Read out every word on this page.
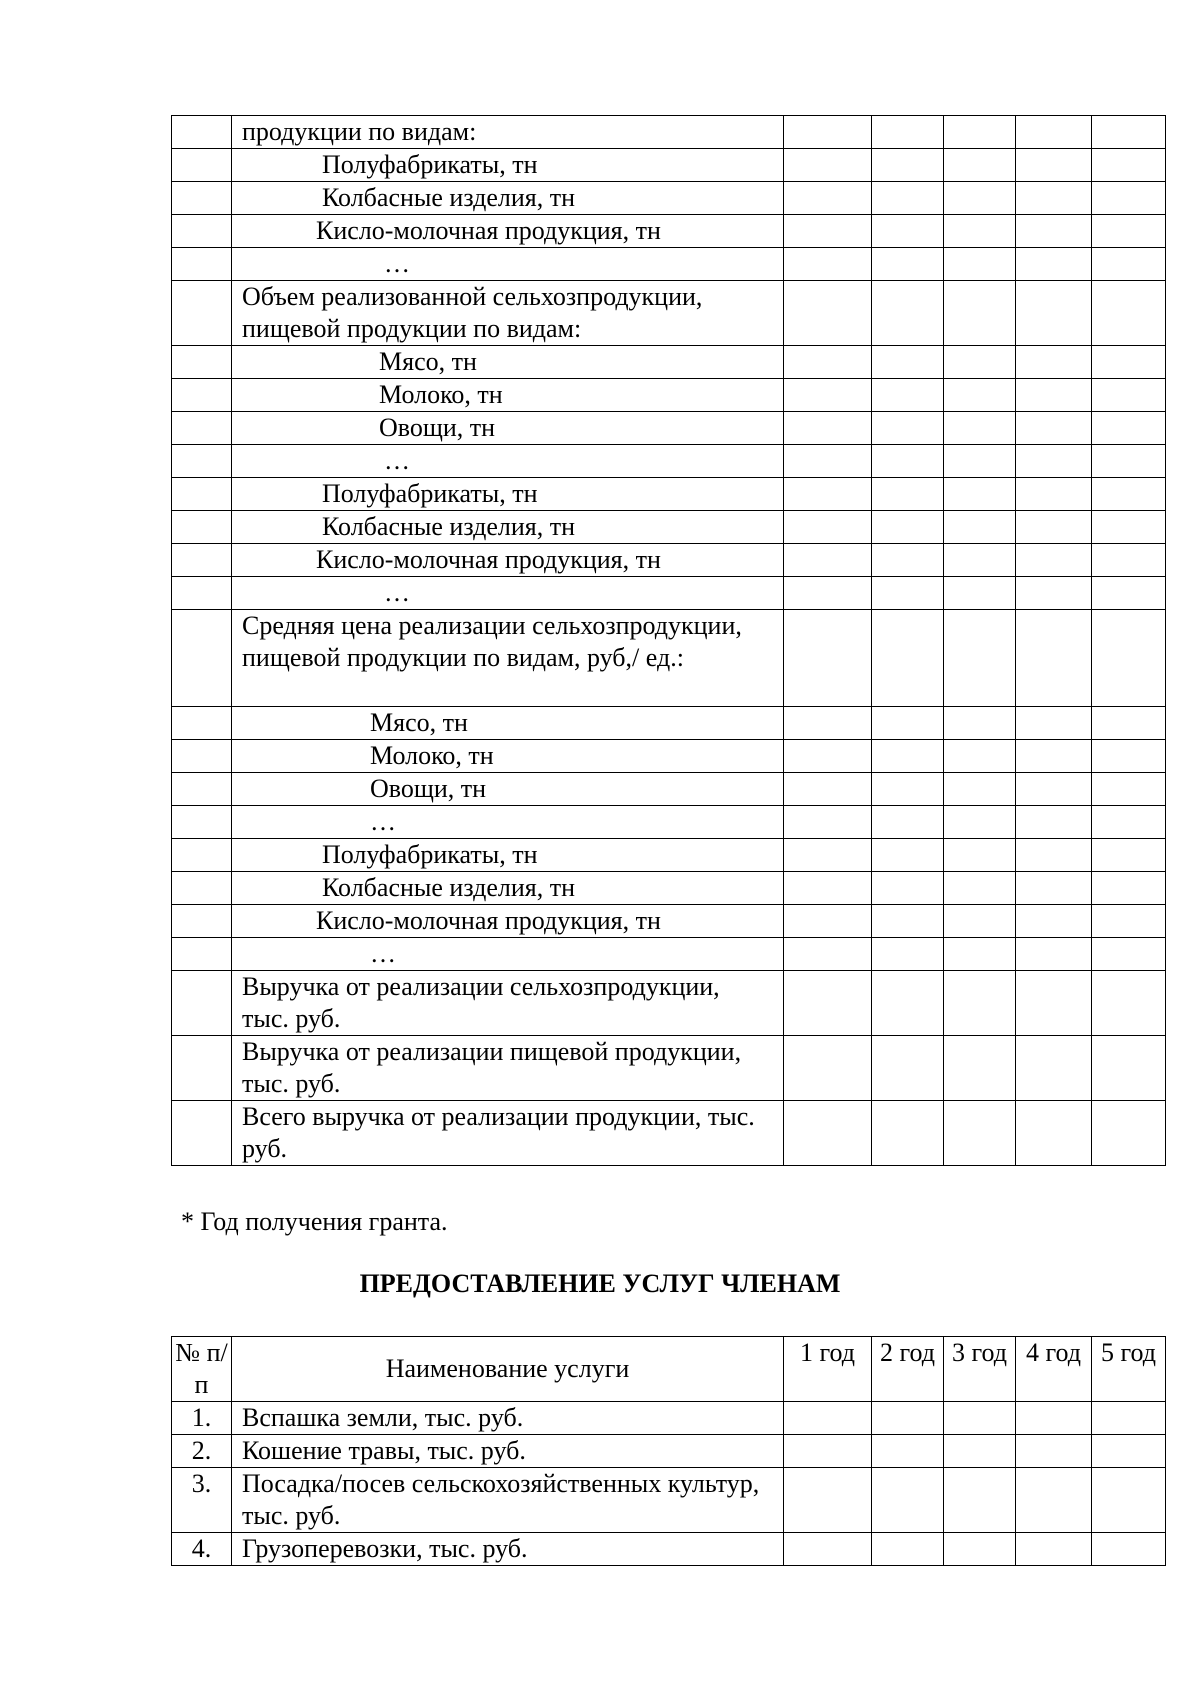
	продукции по видам:					
	Полуфабрикаты, тн					
	Колбасные изделия, тн					
	Кисло-молочная продукция, тн					
	…					
	Объем реализованной сельхозпродукции, пищевой продукции по видам:					
	Мясо, тн					
	Молоко, тн					
	Овощи, тн					
	…					
	Полуфабрикаты, тн					
	Колбасные изделия, тн					
	Кисло-молочная продукция, тн					
	…					
	Средняя цена реализации сельхозпродукции, пищевой продукции по видам, руб,/ ед.:					
	Мясо, тн					
	Молоко, тн					
	Овощи, тн					
	…					
	Полуфабрикаты, тн					
	Колбасные изделия, тн					
	Кисло-молочная продукция, тн					
	…					
	Выручка от реализации сельхозпродукции, тыс. руб.					
	Выручка от реализации пищевой продукции, тыс. руб.					
	Всего выручка от реализации продукции, тыс. руб.					
* Год получения гранта.
ПРЕДОСТАВЛЕНИЕ УСЛУГ ЧЛЕНАМ
№ п/п	Наименование услуги	1 год	2 год	3 год	4 год	5 год
1.	Вспашка земли, тыс. руб.					
2.	Кошение травы, тыс. руб.					
3.	Посадка/посев сельскохозяйственных культур, тыс. руб.					
4.	Грузоперевозки, тыс. руб.					
